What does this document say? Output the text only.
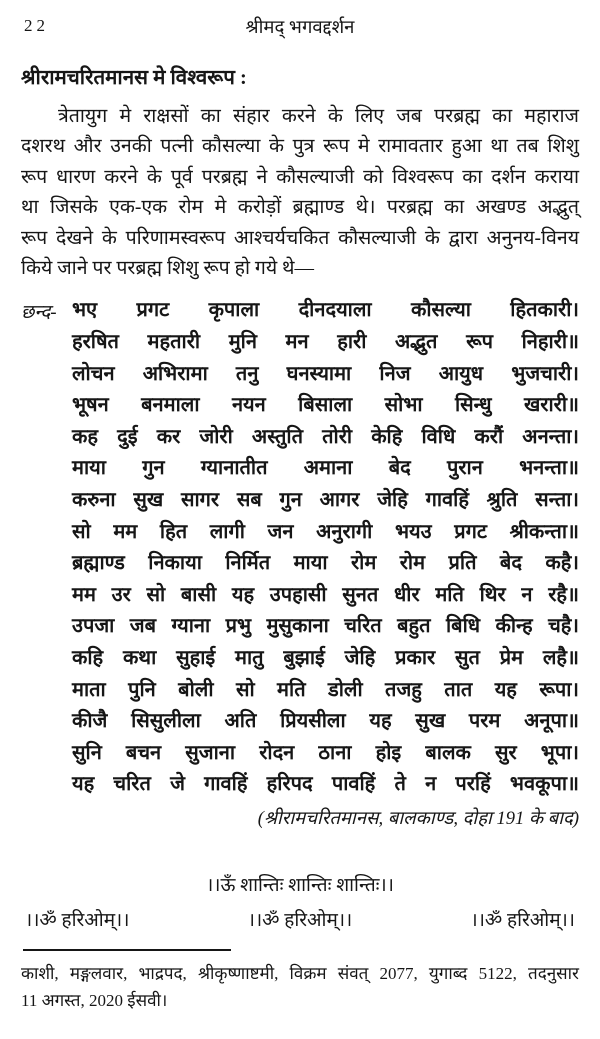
22	श्रीमद् भगवद्दर्शन
श्रीरामचरितमानस मे विश्वरूप :
त्रेतायुग मे राक्षसों का संहार करने के लिए जब परब्रह्म का महाराज
दशरथ और उनकी पत्नी कौसल्या के पुत्र रूप मे रामावतार हुआ था तब शिशु
रूप धारण करने के पूर्व परब्रह्म ने कौसल्याजी को विश्वरूप का दर्शन कराया
था जिसके एक-एक रोम मे करोड़ों ब्रह्माण्ड थे। परब्रह्म का अखण्ड अद्भुत्
रूप देखने के परिणामस्वरूप आश्चर्यचकित कौसल्याजी के द्वारा अनुनय-विनय
किये जाने पर परब्रह्म शिशु रूप हो गये थे—
छन्द- भए प्रगट कृपाला दीनदयाला कौसल्या हितकारी।
हरषित महतारी मुनि मन हारी अद्भुत रूप निहारी॥
लोचन अभिरामा तनु घनस्यामा निज आयुध भुजचारी।
भूषन बनमाला नयन बिसाला सोभा सिन्धु खरारी॥
कह दुई कर जोरी अस्तुति तोरी केहि विधि करौं अनन्ता।
माया गुन ग्यानातीत अमाना बेद पुरान भनन्ता॥
करुना सुख सागर सब गुन आगर जेहि गावहिं श्रुति सन्ता।
सो मम हित लागी जन अनुरागी भयउ प्रगट श्रीकन्ता॥
ब्रह्माण्ड निकाया निर्मित माया रोम रोम प्रति बेद कहै।
मम उर सो बासी यह उपहासी सुनत धीर मति थिर न रहै॥
उपजा जब ग्याना प्रभु मुसुकाना चरित बहुत बिधि कीन्ह चहै।
कहि कथा सुहाई मातु बुझाई जेहि प्रकार सुत प्रेम लहै॥
माता पुनि बोली सो मति डोली तजहु तात यह रूपा।
कीजै सिसुलीला अति प्रियसीला यह सुख परम अनूपा॥
सुनि बचन सुजाना रोदन ठाना होइ बालक सुर भूपा।
यह चरित जे गावहिं हरिपद पावहिं ते न परहिं भवकूपा॥
(श्रीरामचरितमानस, बालकाण्ड, दोहा 191 के बाद)
।।ऊँ शान्तिः शान्तिः शान्तिः।।
।।ॐ हरिओम्।।	।।ॐ हरिओम्।।	।।ॐ हरिओम्।।
काशी, मङ्गलवार, भाद्रपद, श्रीकृष्णाष्टमी, विक्रम संवत् 2077, युगाब्द 5122, तदनुसार
11 अगस्त, 2020 ईसवी।
